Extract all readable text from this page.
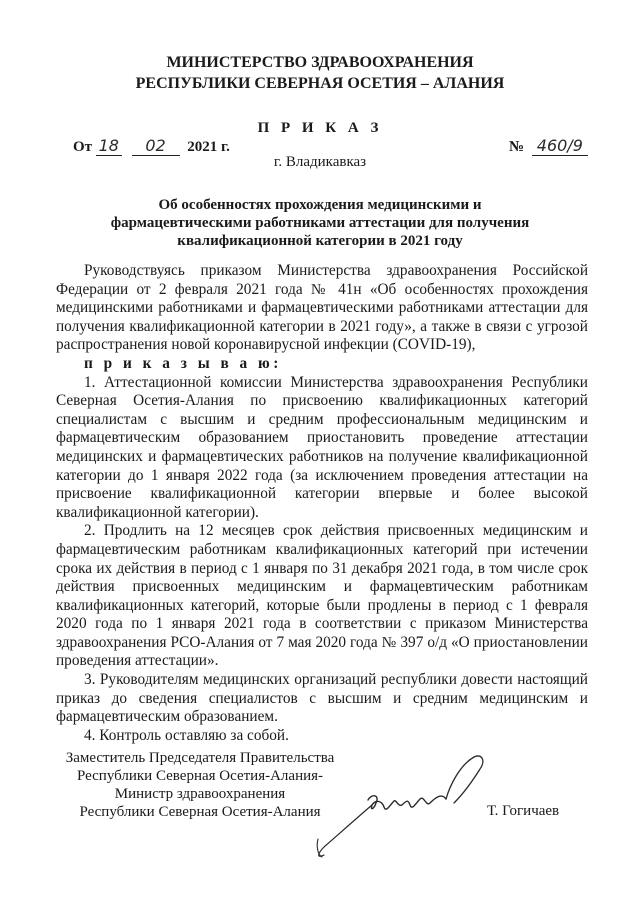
МИНИСТЕРСТВО ЗДРАВООХРАНЕНИЯ
РЕСПУБЛИКИ СЕВЕРНАЯ ОСЕТИЯ – АЛАНИЯ
П Р И К А З
От 18 02 2021 г.	№ 460/9
г. Владикавказ
Об особенностях прохождения медицинскими и
фармацевтическими работниками аттестации для получения
квалификационной категории в 2021 году

Руководствуясь приказом Министерства здравоохранения Российской Федерации от 2 февраля 2021 года № 41н «Об особенностях прохождения медицинскими работниками и фармацевтическими работниками аттестации для получения квалификационной категории в 2021 году», а также в связи с угрозой распространения новой коронавирусной инфекции (COVID-19),

п р и к а з ы в а ю:

1. Аттестационной комиссии Министерства здравоохранения Республики Северная Осетия-Алания по присвоению квалификационных категорий специалистам с высшим и средним профессиональным медицинским и фармацевтическим образованием приостановить проведение аттестации медицинских и фармацевтических работников на получение квалификационной категории до 1 января 2022 года (за исключением проведения аттестации на присвоение квалификационной категории впервые и более высокой квалификационной категории).

2. Продлить на 12 месяцев срок действия присвоенных медицинским и фармацевтическим работникам квалификационных категорий при истечении срока их действия в период с 1 января по 31 декабря 2021 года, в том числе срок действия присвоенных медицинским и фармацевтическим работникам квалификационных категорий, которые были продлены в период с 1 февраля 2020 года по 1 января 2021 года в соответствии с приказом Министерства здравоохранения РСО-Алания от 7 мая 2020 года № 397 о/д «О приостановлении проведения аттестации».

3. Руководителям медицинских организаций республики довести настоящий приказ до сведения специалистов с высшим и средним медицинским и фармацевтическим образованием.

4. Контроль оставляю за собой.

Заместитель Председателя Правительства
Республики Северная Осетия-Алания-
Министр здравоохранения
Республики Северная Осетия-Алания	Т. Гогичаев
